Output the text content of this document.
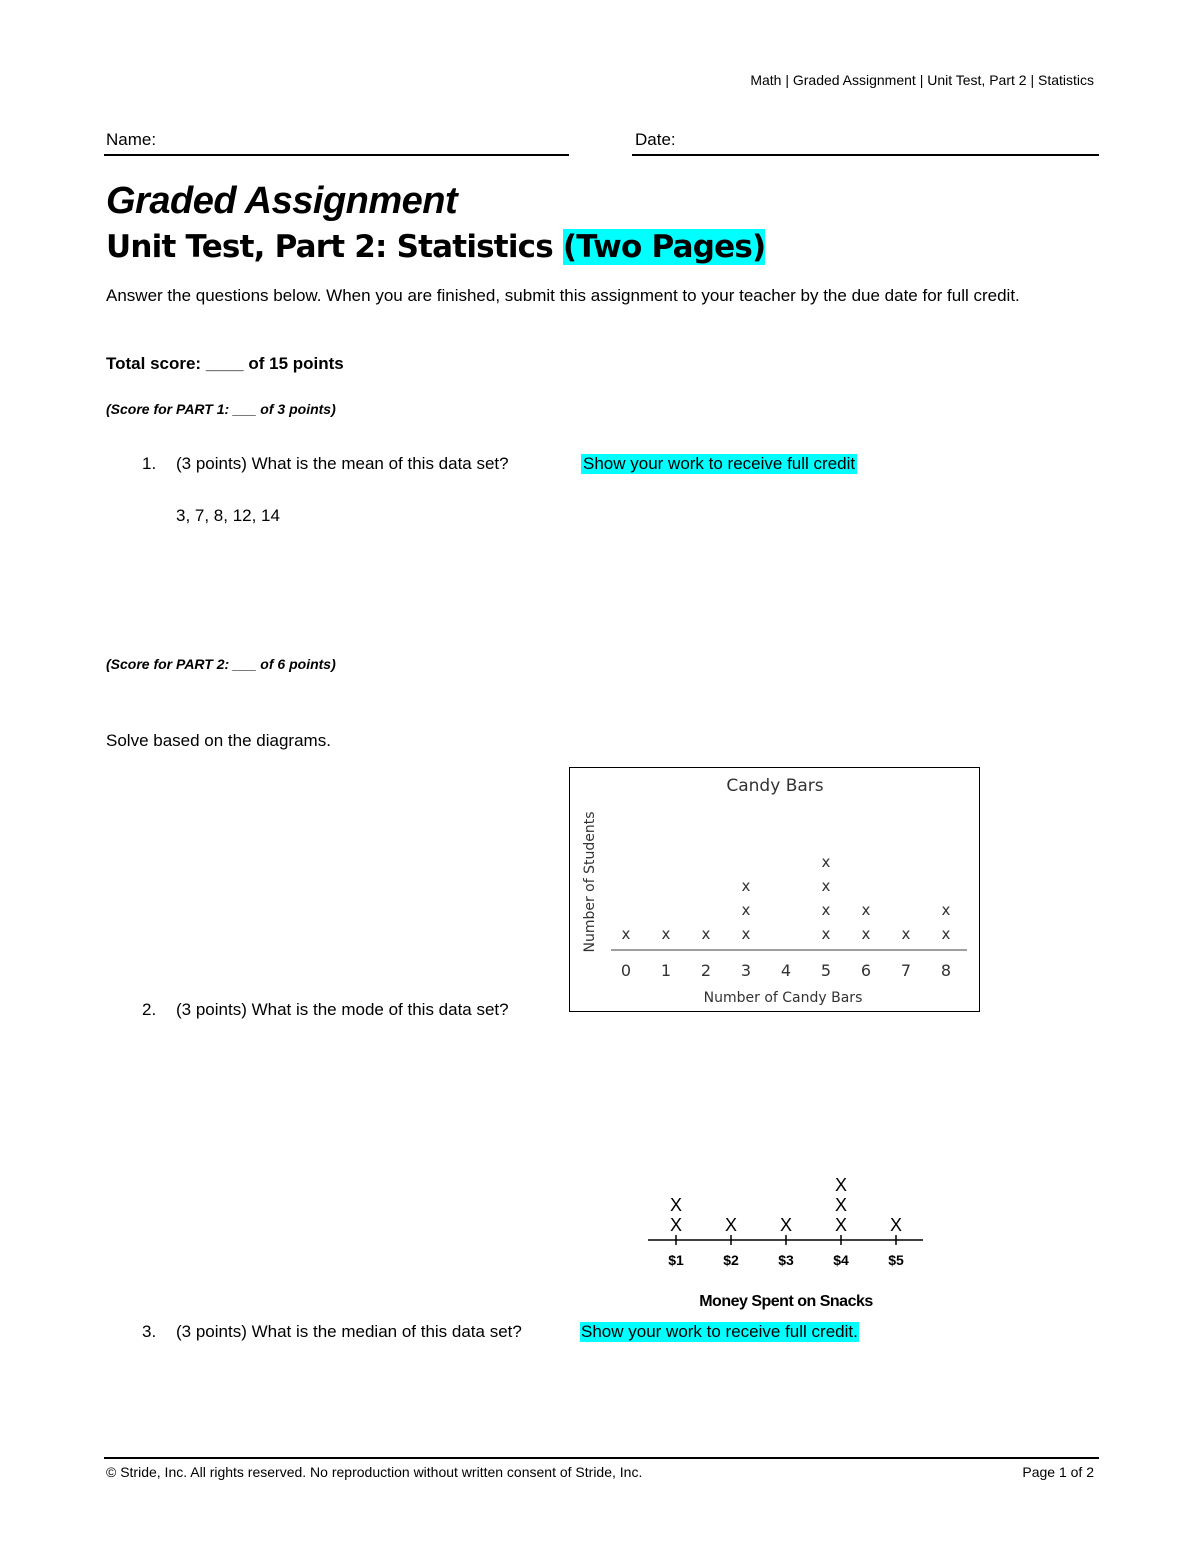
Math | Graded Assignment | Unit Test, Part 2 | Statistics
Name:	Date:
Graded Assignment
Unit Test, Part 2: Statistics (Two Pages)
Answer the questions below. When you are finished, submit this assignment to your teacher by the due date for full credit.
Total score: ____ of 15 points
(Score for PART 1: ___ of 3 points)
1. (3 points) What is the mean of this data set?	Show your work to receive full credit
3, 7, 8, 12, 14
(Score for PART 2: ___ of 6 points)
Solve based on the diagrams.
Candy Bars
Number of Students
Number of Candy Bars
0
x
1
x
2
x
3
x
x
x
4 5
x
x
x
x
6
x
x
7
x
8
x
x
2. (3 points) What is the mode of this data set?
Money Spent on Snacks
$1
X
X
$2
X
$3
X
$4
X
X
X
$5
X
3. (3 points) What is the median of this data set?	Show your work to receive full credit.
© Stride, Inc. All rights reserved. No reproduction without written consent of Stride, Inc.	Page 1 of 2
